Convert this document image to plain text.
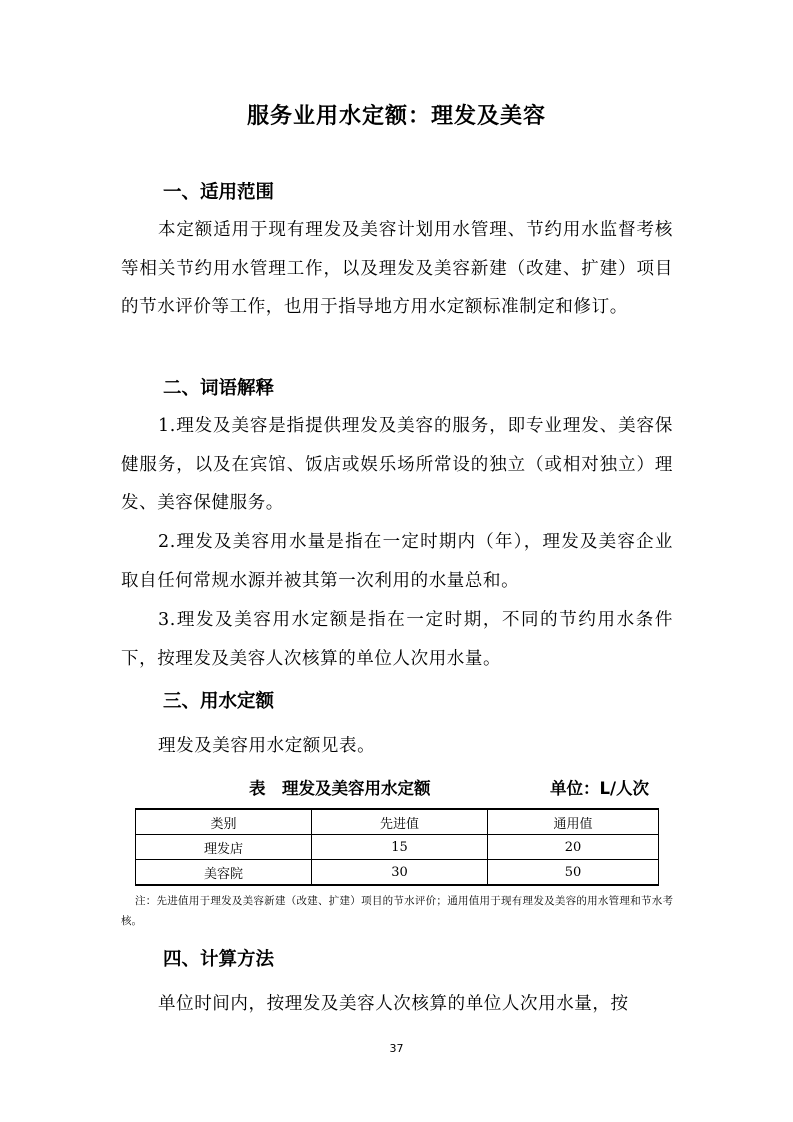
服务业用水定额：理发及美容
一、适用范围
本定额适用于现有理发及美容计划用水管理、节约用水监督考核等相关节约用水管理工作，以及理发及美容新建（改建、扩建）项目的节水评价等工作，也用于指导地方用水定额标准制定和修订。
二、词语解释
1.理发及美容是指提供理发及美容的服务，即专业理发、美容保健服务，以及在宾馆、饭店或娱乐场所常设的独立（或相对独立）理发、美容保健服务。
2.理发及美容用水量是指在一定时期内（年），理发及美容企业取自任何常规水源并被其第一次利用的水量总和。
3.理发及美容用水定额是指在一定时期，不同的节约用水条件下，按理发及美容人次核算的单位人次用水量。
三、用水定额
理发及美容用水定额见表。
表　理发及美容用水定额	单位：L/人次
类别	先进值	通用值
理发店	15	20
美容院	30	50
注：先进值用于理发及美容新建（改建、扩建）项目的节水评价；通用值用于现有理发及美容的用水管理和节水考核。
四、计算方法
单位时间内，按理发及美容人次核算的单位人次用水量，按
37
